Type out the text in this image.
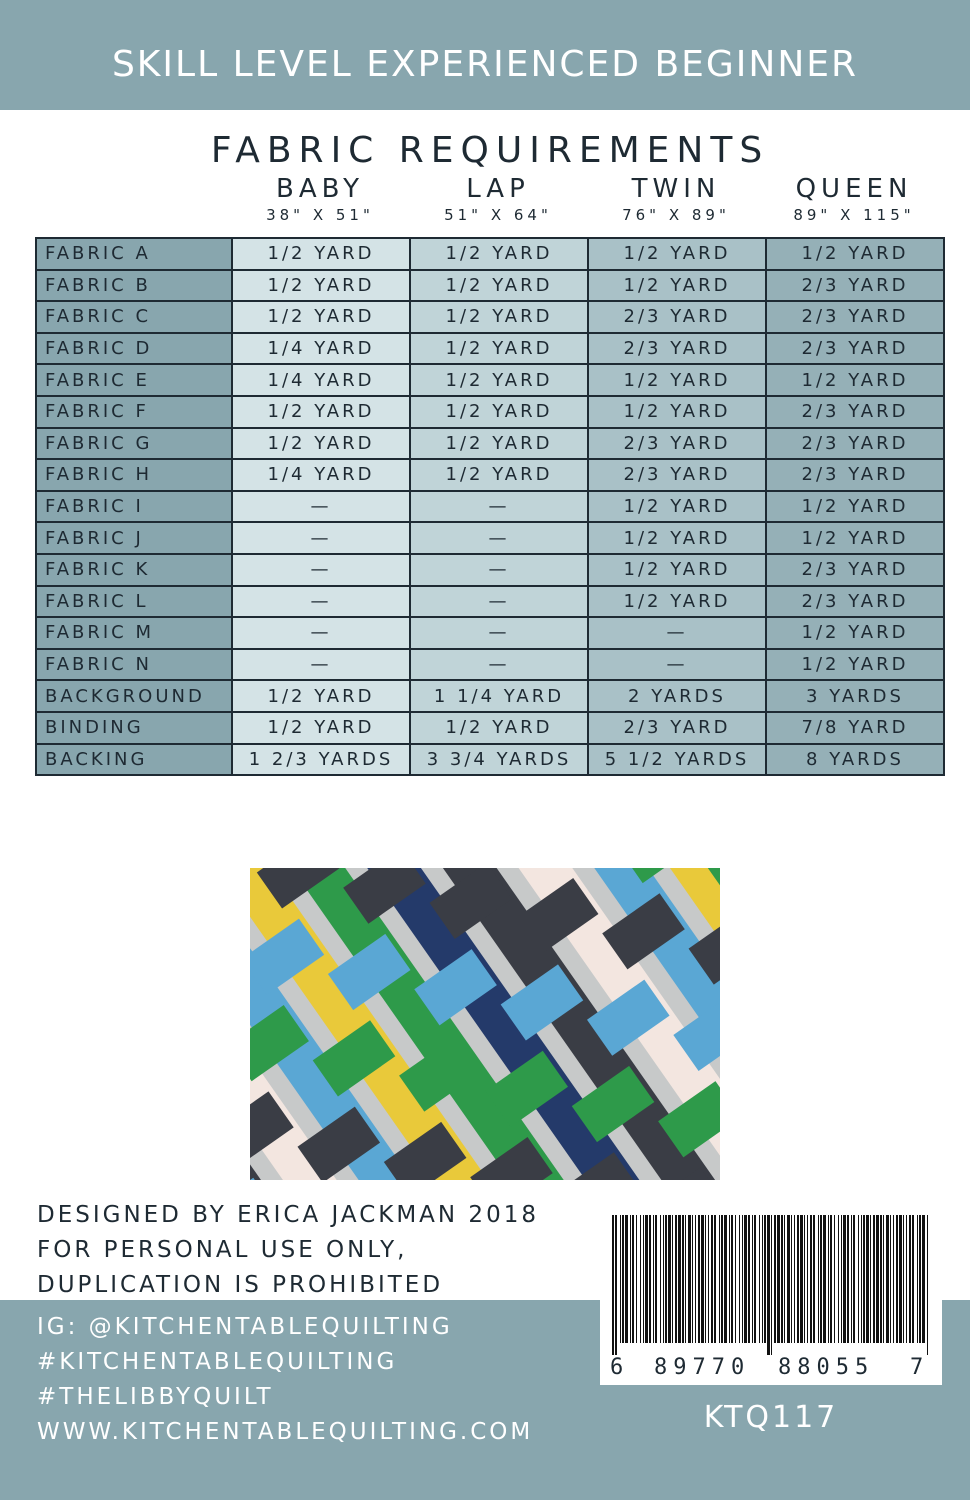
SKILL LEVEL EXPERIENCED BEGINNER
FABRIC REQUIREMENTS
BABY
38" X 51"
LAP
51" X 64"
TWIN
76" X 89"
QUEEN
89" X 115"
FABRIC A	1/2 YARD	1/2 YARD	1/2 YARD	1/2 YARD
FABRIC B	1/2 YARD	1/2 YARD	1/2 YARD	2/3 YARD
FABRIC C	1/2 YARD	1/2 YARD	2/3 YARD	2/3 YARD
FABRIC D	1/4 YARD	1/2 YARD	2/3 YARD	2/3 YARD
FABRIC E	1/4 YARD	1/2 YARD	1/2 YARD	1/2 YARD
FABRIC F	1/2 YARD	1/2 YARD	1/2 YARD	2/3 YARD
FABRIC G	1/2 YARD	1/2 YARD	2/3 YARD	2/3 YARD
FABRIC H	1/4 YARD	1/2 YARD	2/3 YARD	2/3 YARD
FABRIC I	—	—	1/2 YARD	1/2 YARD
FABRIC J	—	—	1/2 YARD	1/2 YARD
FABRIC K	—	—	1/2 YARD	2/3 YARD
FABRIC L	—	—	1/2 YARD	2/3 YARD
FABRIC M	—	—	—	1/2 YARD
FABRIC N	—	—	—	1/2 YARD
BACKGROUND	1/2 YARD	1 1/4 YARD	2 YARDS	3 YARDS
BINDING	1/2 YARD	1/2 YARD	2/3 YARD	7/8 YARD
BACKING	1 2/3 YARDS	3 3/4 YARDS	5 1/2 YARDS	8 YARDS
DESIGNED BY ERICA JACKMAN 2018
FOR PERSONAL USE ONLY,
DUPLICATION IS PROHIBITED
IG: @KITCHENTABLEQUILTING
#KITCHENTABLEQUILTING
#THELIBBYQUILT
WWW.KITCHENTABLEQUILTING.COM
6 89770 88055 7
KTQ117
